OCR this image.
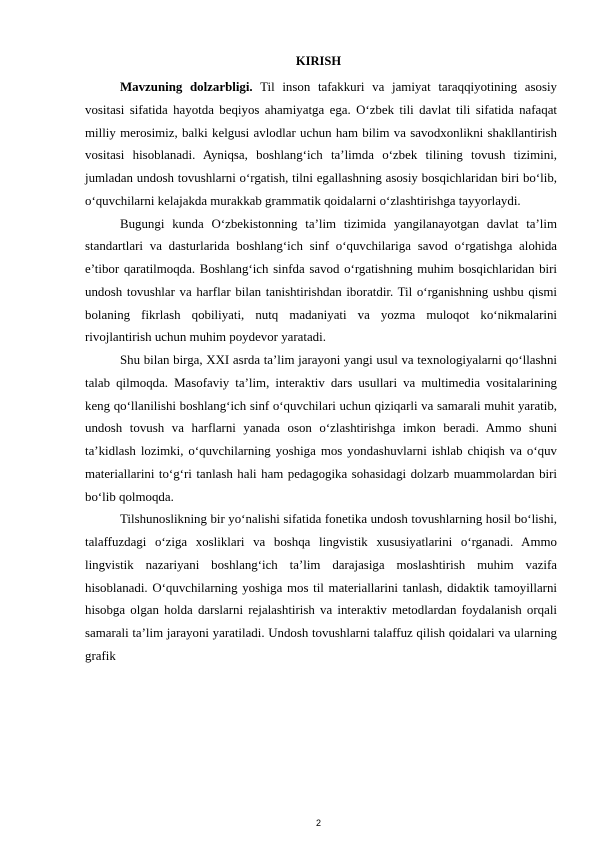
KIRISH

Mavzuning dolzarbligi. Til inson tafakkuri va jamiyat taraqqiyotining asosiy vositasi sifatida hayotda beqiyos ahamiyatga ega. O‘zbek tili davlat tili sifatida nafaqat milliy merosimiz, balki kelgusi avlodlar uchun ham bilim va savodxonlikni shakllantirish vositasi hisoblanadi. Ayniqsa, boshlang‘ich ta’limda o‘zbek tilining tovush tizimini, jumladan undosh tovushlarni o‘rgatish, tilni egallashning asosiy bosqichlaridan biri bo‘lib, o‘quvchilarni kelajakda murakkab grammatik qoidalarni o‘zlashtirishga tayyorlaydi.

Bugungi kunda O‘zbekistonning ta’lim tizimida yangilanayotgan davlat ta’lim standartlari va dasturlarida boshlang‘ich sinf o‘quvchilariga savod o‘rgatishga alohida e’tibor qaratilmoqda. Boshlang‘ich sinfda savod o‘rgatishning muhim bosqichlaridan biri undosh tovushlar va harflar bilan tanishtirishdan iboratdir. Til o‘rganishning ushbu qismi bolaning fikrlash qobiliyati, nutq madaniyati va yozma muloqot ko‘nikmalarini rivojlantirish uchun muhim poydevor yaratadi.

Shu bilan birga, XXI asrda ta’lim jarayoni yangi usul va texnologiyalarni qo‘llashni talab qilmoqda. Masofaviy ta’lim, interaktiv dars usullari va multimedia vositalarining keng qo‘llanilishi boshlang‘ich sinf o‘quvchilari uchun qiziqarli va samarali muhit yaratib, undosh tovush va harflarni yanada oson o‘zlashtirishga imkon beradi. Ammo shuni ta’kidlash lozimki, o‘quvchilarning yoshiga mos yondashuvlarni ishlab chiqish va o‘quv materiallarini to‘g‘ri tanlash hali ham pedagogika sohasidagi dolzarb muammolardan biri bo‘lib qolmoqda.

Tilshunoslikning bir yo‘nalishi sifatida fonetika undosh tovushlarning hosil bo‘lishi, talaffuzdagi o‘ziga xosliklari va boshqa lingvistik xususiyatlarini o‘rganadi. Ammo lingvistik nazariyani boshlang‘ich ta’lim darajasiga moslashtirish muhim vazifa hisoblanadi. O‘quvchilarning yoshiga mos til materiallarini tanlash, didaktik tamoyillarni hisobga olgan holda darslarni rejalashtirish va interaktiv metodlardan foydalanish orqali samarali ta’lim jarayoni yaratiladi. Undosh tovushlarni talaffuz qilish qoidalari va ularning grafik

2
